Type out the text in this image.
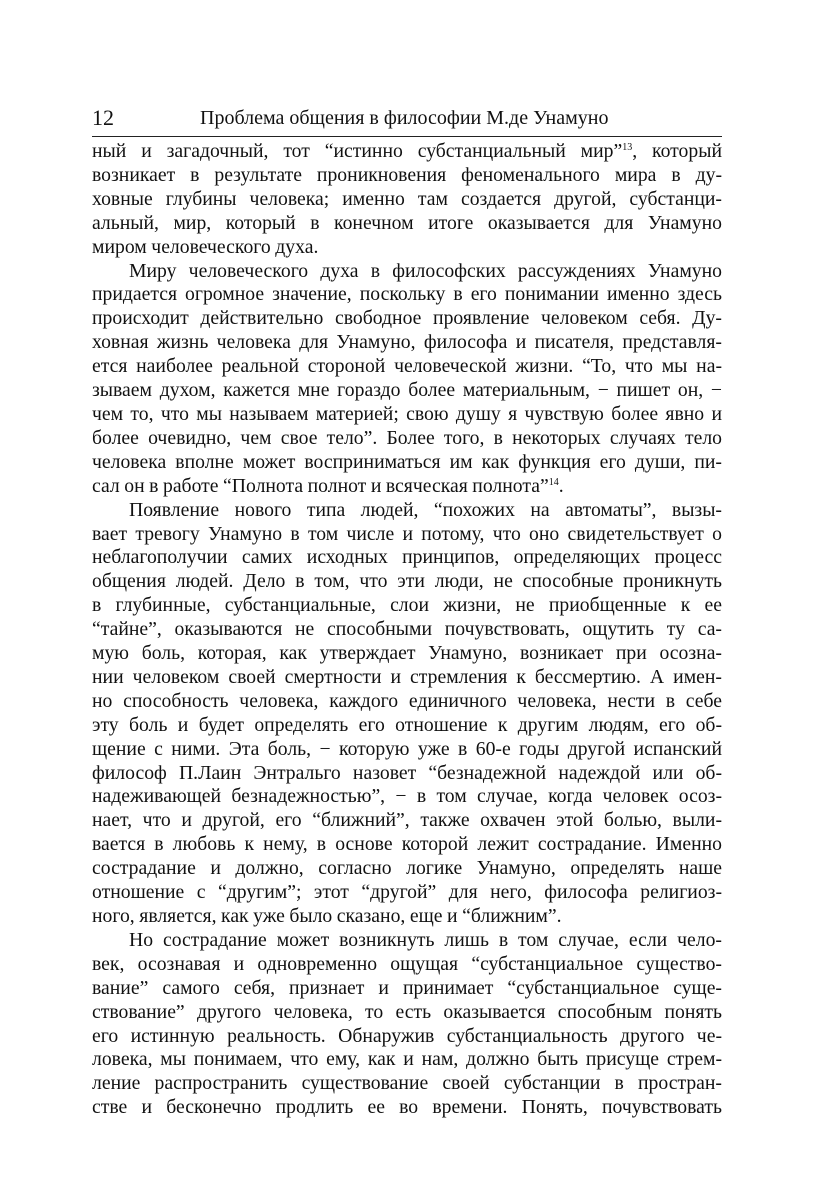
12	Проблема общения в философии М.де Унамуно

ный и загадочный, тот “истинно субстанциальный мир”$^{13}$, который
возникает в результате проникновения феноменального мира в ду-
ховные глубины человека; именно там создается другой, субстанци-
альный, мир, который в конечном итоге оказывается для Унамуно
миром человеческого духа.

Миру человеческого духа в философских рассуждениях Унамуно
придается огромное значение, поскольку в его понимании именно здесь
происходит действительно свободное проявление человеком себя. Ду-
ховная жизнь человека для Унамуно, философа и писателя, представля-
ется наиболее реальной стороной человеческой жизни. “То, что мы на-
зываем духом, кажется мне гораздо более материальным, − пишет он, −
чем то, что мы называем материей; свою душу я чувствую более явно и
более очевидно, чем свое тело”. Более того, в некоторых случаях тело
человека вполне может восприниматься им как функция его души, пи-
сал он в работе “Полнота полнот и всяческая полнота”$^{14}$.

Появление нового типа людей, “похожих на автоматы”, вызы-
вает тревогу Унамуно в том числе и потому, что оно свидетельствует о
неблагополучии самих исходных принципов, определяющих процесс
общения людей. Дело в том, что эти люди, не способные проникнуть
в глубинные, субстанциальные, слои жизни, не приобщенные к ее
“тайне”, оказываются не способными почувствовать, ощутить ту са-
мую боль, которая, как утверждает Унамуно, возникает при осозна-
нии человеком своей смертности и стремления к бессмертию. А имен-
но способность человека, каждого единичного человека, нести в себе
эту боль и будет определять его отношение к другим людям, его об-
щение с ними. Эта боль, − которую уже в 60-е годы другой испанский
философ П.Лаин Энтральго назовет “безнадежной надеждой или об-
надеживающей безнадежностью”, − в том случае, когда человек осоз-
нает, что и другой, его “ближний”, также охвачен этой болью, выли-
вается в любовь к нему, в основе которой лежит сострадание. Именно
сострадание и должно, согласно логике Унамуно, определять наше
отношение с “другим”; этот “другой” для него, философа религиоз-
ного, является, как уже было сказано, еще и “ближним”.

Но сострадание может возникнуть лишь в том случае, если чело-
век, осознавая и одновременно ощущая “субстанциальное существо-
вание” самого себя, признает и принимает “субстанциальное суще-
ствование” другого человека, то есть оказывается способным понять
его истинную реальность. Обнаружив субстанциальность другого че-
ловека, мы понимаем, что ему, как и нам, должно быть присуще стрем-
ление распространить существование своей субстанции в простран-
стве и бесконечно продлить ее во времени. Понять, почувствовать
